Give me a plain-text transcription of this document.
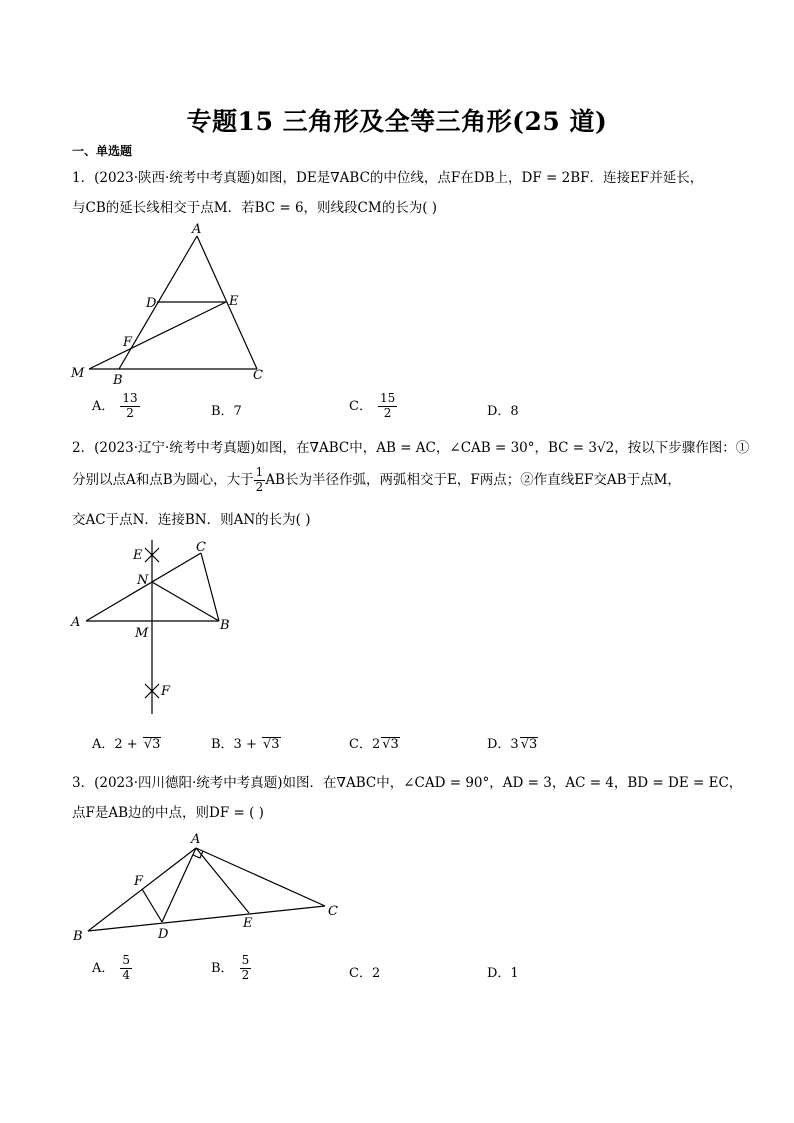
专题15 三角形及全等三角形(25 道)
一、单选题
1．(2023·陕西·统考中考真题)如图，DE是∇ABC的中位线，点F在DB上，DF = 2BF．连接EF并延长，
与CB的延长线相交于点M．若BC = 6，则线段CM的长为( )
A
D	E
F
M B	C
A． $\frac{13}{2}$	B．7	C． $\frac{15}{2}$	D．8
2．(2023·辽宁·统考中考真题)如图，在∇ABC中，AB = AC，∠CAB = 30°，BC = 3√2，按以下步骤作图：①
分别以点A和点B为圆心，大于 $\frac{1}{2}$ AB长为半径作弧，两弧相交于E，F两点；②作直线EF交AB于点M，
交AC于点N．连接BN．则AN的长为( )
E
C
N
A
M
B
F
A．2 + √3	B．3 + √3	C．2 √3	D．3 √3
3．(2023·四川德阳·统考中考真题)如图．在∇ABC中，∠CAD = 90°，AD = 3，AC = 4，BD = DE = EC，
点F是AB边的中点，则DF = ( )
A
F
B	D
E
C
A． $\frac{5}{4}$	B． $\frac{5}{2}$	C．2	D．1
